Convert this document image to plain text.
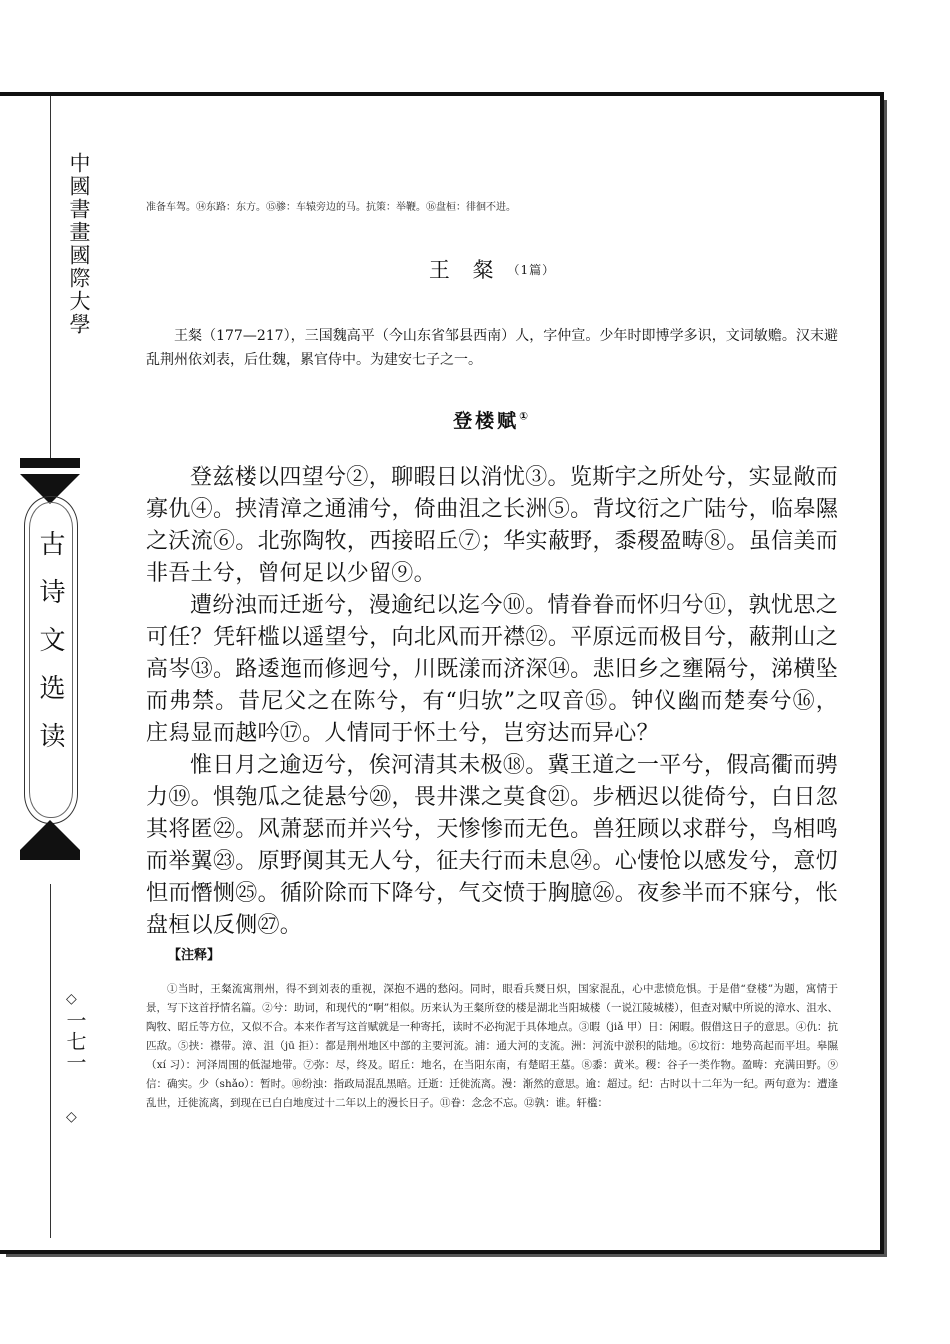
中國書畫國際大學
古诗文选读
◇
一七一
◇
准备车驾。⑭东路：东方。⑮骖：车辕旁边的马。抗策：举鞭。⑯盘桓：徘徊不进。
王 粲 （1篇）
王粲（177—217），三国魏高平（今山东省邹县西南）人，字仲宣。少年时即博学多识，文词敏赡。汉末避乱荆州依刘表，后仕魏，累官侍中。为建安七子之一。
登楼赋①

登兹楼以四望兮②，聊暇日以消忧③。览斯宇之所处兮，实显敞而寡仇④。挟清漳之通浦兮，倚曲沮之长洲⑤。背坟衍之广陆兮，临皋隰之沃流⑥。北弥陶牧，西接昭丘⑦；华实蔽野，黍稷盈畴⑧。虽信美而非吾土兮，曾何足以少留⑨。

遭纷浊而迁逝兮，漫逾纪以迄今⑩。情眷眷而怀归兮⑪，孰忧思之可任？凭轩槛以遥望兮，向北风而开襟⑫。平原远而极目兮，蔽荆山之高岑⑬。路逶迤而修迥兮，川既漾而济深⑭。悲旧乡之壅隔兮，涕横坠而弗禁。昔尼父之在陈兮，有“归欤”之叹音⑮。钟仪幽而楚奏兮⑯，庄舄显而越吟⑰。人情同于怀土兮，岂穷达而异心？

惟日月之逾迈兮，俟河清其未极⑱。冀王道之一平兮，假高衢而骋力⑲。惧匏瓜之徒悬兮⑳，畏井渫之莫食㉑。步栖迟以徙倚兮，白日忽其将匿㉒。风萧瑟而并兴兮，天惨惨而无色。兽狂顾以求群兮，鸟相鸣而举翼㉓。原野阒其无人兮，征夫行而未息㉔。心悽怆以感发兮，意忉怛而憯恻㉕。循阶除而下降兮，气交愤于胸臆㉖。夜参半而不寐兮，怅盘桓以反侧㉗。

【注释】
①当时，王粲流寓荆州，得不到刘表的重视，深抱不遇的愁闷。同时，眼看兵燹日炽，国家混乱，心中悲愤危惧。于是借“登楼”为题，寓情于景，写下这首抒情名篇。②兮：助词，和现代的“啊”相似。历来认为王粲所登的楼是湖北当阳城楼（一说江陵城楼），但查对赋中所说的漳水、沮水、陶牧、昭丘等方位，又似不合。本来作者写这首赋就是一种寄托，读时不必拘泥于具体地点。③暇（jiǎ 甲）日：闲暇。假借这日子的意思。④仇：抗匹敌。⑤挟：襟带。漳、沮（jū 拒）：都是荆州地区中部的主要河流。浦：通大河的支流。洲：河流中淤积的陆地。⑥坟衍：地势高起而平坦。皋隰（xí 习）：河泽周围的低湿地带。⑦弥：尽，终及。昭丘：地名，在当阳东南，有楚昭王墓。⑧黍：黄米。稷：谷子一类作物。盈畴：充满田野。⑨信：确实。少（shǎo）：暂时。⑩纷浊：指政局混乱黑暗。迁逝：迁徙流离。漫：渐然的意思。逾：超过。纪：古时以十二年为一纪。两句意为：遭逢乱世，迁徙流离，到现在已白白地度过十二年以上的漫长日子。⑪眷：念念不忘。⑫孰：谁。轩槛：
